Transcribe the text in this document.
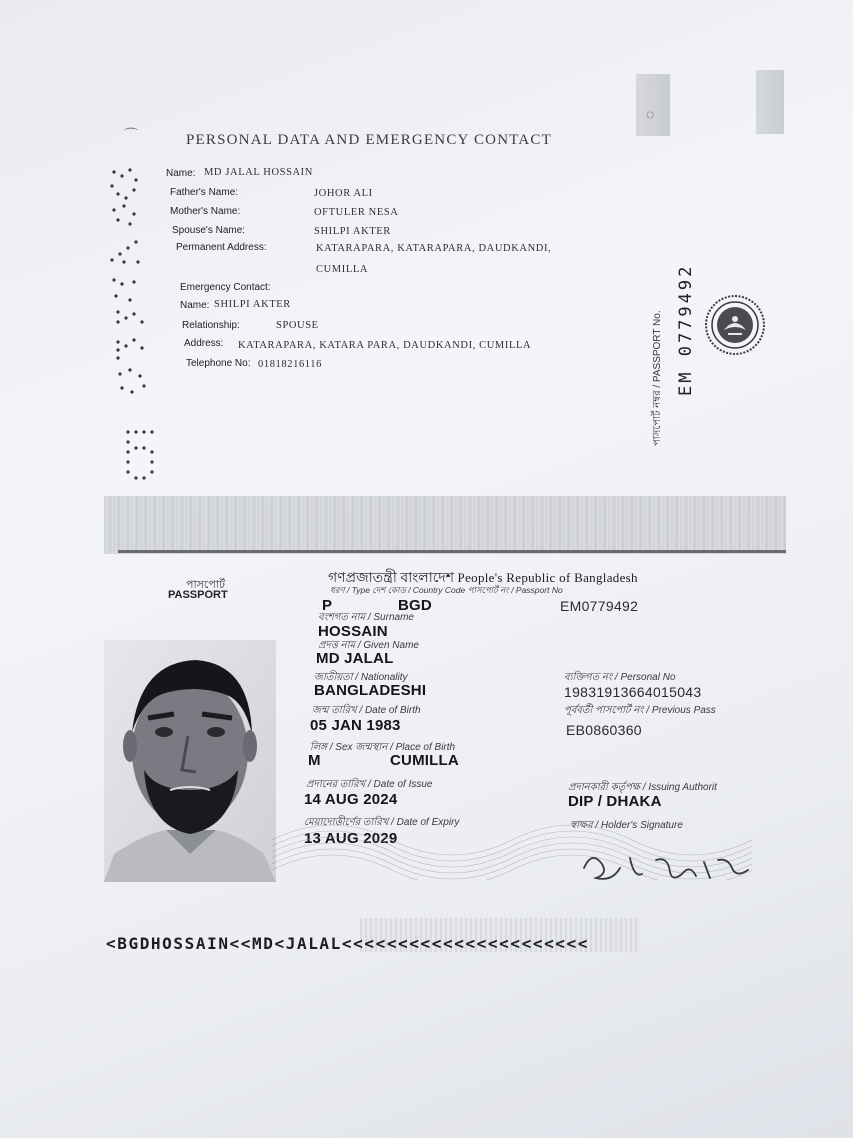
◌
⌒	PERSONAL DATA AND EMERGENCY CONTACT
Name: MD JALAL HOSSAIN
Father's Name:	JOHOR ALI
Mother's Name:	OFTULER NESA
Spouse's Name:	SHILPI AKTER
Permanent Address:	KATARAPARA, KATARAPARA, DAUDKANDI,
CUMILLA
Emergency Contact:
Name: SHILPI AKTER
Relationship:	SPOUSE
Address: KATARAPARA, KATARA PARA, DAUDKANDI, CUMILLA
Telephone No: 01818216116	পাসপোর্ট নম্বর / PASSPORT No. EM 0779492
গণপ্রজাতন্ত্রী বাংলাদেশ People's Republic of Bangladesh
পাসপোর্ট
PASSPORT	ধরণ / Type দেশ কোড / Country Code পাসপোর্ট নং / Passport No
P	BGD	EM0779492
বংশগত নাম / Surname
HOSSAIN
প্রদত্ত নাম / Given Name
MD JALAL
জাতীয়তা / Nationality
BANGLADESHI
ব্যক্তিগত নং / Personal No
19831913664015043
জন্ম তারিখ / Date of Birth
05 JAN 1983
পূর্ববর্তী পাসপোর্ট নং / Previous Pass
EB0860360
লিঙ্গ / Sex জন্মস্থান / Place of Birth
M	CUMILLA
প্রদানের তারিখ / Date of Issue
14 AUG 2024
প্রদানকারী কর্তৃপক্ষ / Issuing Authorit
DIP / DHAKA
মেয়াদোত্তীর্ণের তারিখ / Date of Expiry
13 AUG 2029
স্বাক্ষর / Holder's Signature
<BGDHOSSAIN<<MD<JALAL<<<<<<<<<<<<<<<<<<<<<<
